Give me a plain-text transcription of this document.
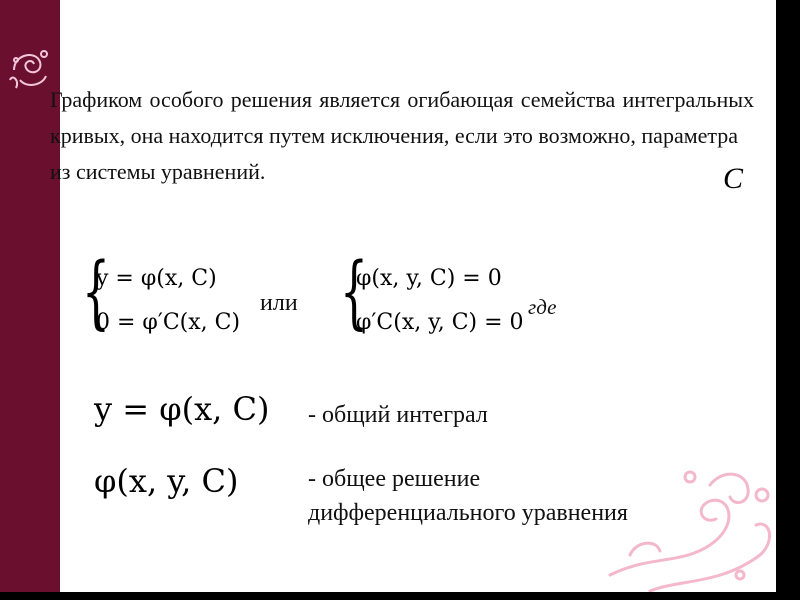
Графиком особого решения является огибающая семейства интегральных кривых, она находится путем исключения, если это возможно, параметра
из системы уравнений.	C
{
y = φ(x, C)
0 = φ′C(x, C)
или {
φ(x, y, C) = 0
φ′C(x, y, C) = 0
где
y = φ(x, C) - общий интеграл
φ(x, y, C)	- общее решение
дифференциального уравнения
